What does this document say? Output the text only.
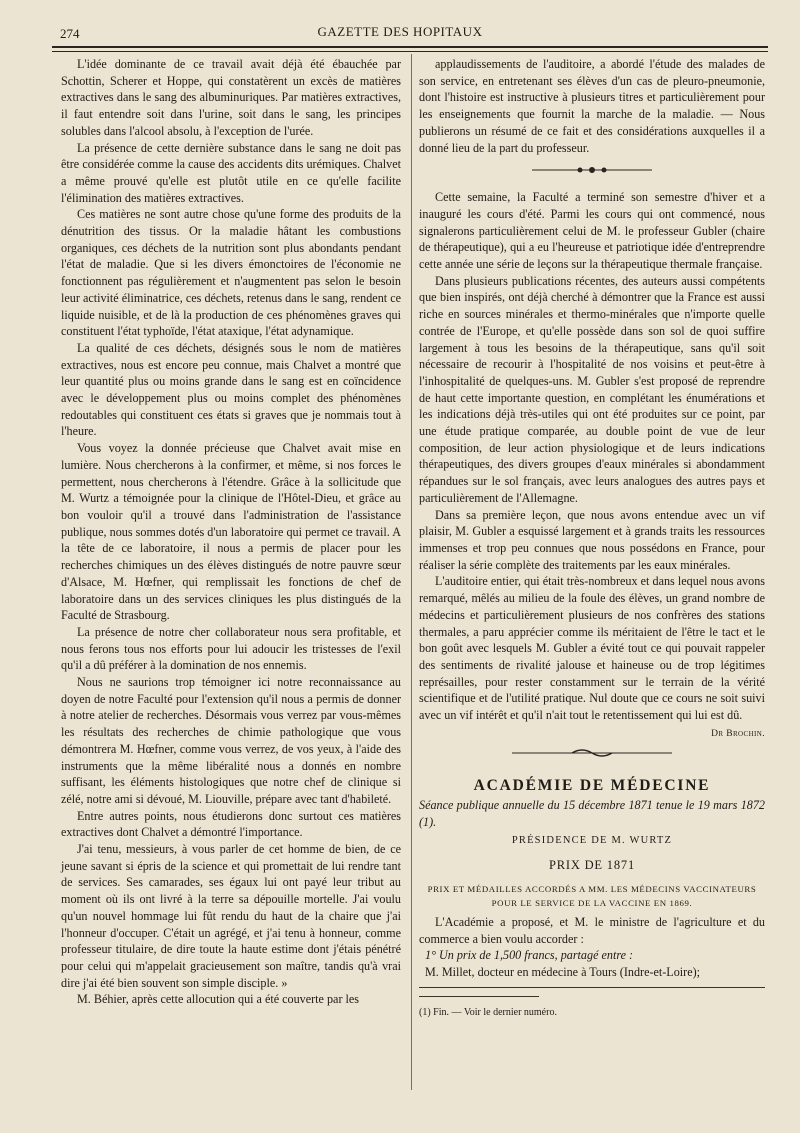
274	GAZETTE DES HOPITAUX

L'idée dominante de ce travail avait déjà été ébauchée par Schottin, Scherer et Hoppe, qui constatèrent un excès de matières extractives dans le sang des albuminuriques. Par matières extractives, il faut entendre soit dans l'urine, soit dans le sang, les principes solubles dans l'alcool absolu, à l'exception de l'urée.

La présence de cette dernière substance dans le sang ne doit pas être considérée comme la cause des accidents dits urémiques. Chalvet a même prouvé qu'elle est plutôt utile en ce qu'elle facilite l'élimination des matières extractives.

Ces matières ne sont autre chose qu'une forme des produits de la dénutrition des tissus. Or la maladie hâtant les combustions organiques, ces déchets de la nutrition sont plus abondants pendant l'état de maladie. Que si les divers émonctoires de l'économie ne fonctionnent pas régulièrement et n'augmentent pas selon le besoin leur activité éliminatrice, ces déchets, retenus dans le sang, rendent ce liquide nuisible, et de là la production de ces phénomènes graves qui constituent l'état typhoïde, l'état ataxique, l'état adynamique.

La qualité de ces déchets, désignés sous le nom de matières extractives, nous est encore peu connue, mais Chalvet a montré que leur quantité plus ou moins grande dans le sang est en coïncidence avec le développement plus ou moins complet des phénomènes redoutables qui constituent ces états si graves que je nommais tout à l'heure.

Vous voyez la donnée précieuse que Chalvet avait mise en lumière. Nous chercherons à la confirmer, et même, si nos forces le permettent, nous chercherons à l'étendre. Grâce à la sollicitude que M. Wurtz a témoignée pour la clinique de l'Hôtel-Dieu, et grâce au bon vouloir qu'il a trouvé dans l'administration de l'assistance publique, nous sommes dotés d'un laboratoire qui permet ce travail. A la tête de ce laboratoire, il nous a permis de placer pour les recherches chimiques un des élèves distingués de notre pauvre sœur d'Alsace, M. Hœfner, qui remplissait les fonctions de chef de laboratoire dans un des services cliniques les plus distingués de la Faculté de Strasbourg.

La présence de notre cher collaborateur nous sera profitable, et nous ferons tous nos efforts pour lui adoucir les tristesses de l'exil qu'il a dû préférer à la domination de nos ennemis.

Nous ne saurions trop témoigner ici notre reconnaissance au doyen de notre Faculté pour l'extension qu'il nous a permis de donner à notre atelier de recherches. Désormais vous verrez par vous-mêmes les résultats des recherches de chimie pathologique que vous démontrera M. Hœfner, comme vous verrez, de vos yeux, à l'aide des instruments que la même libéralité nous a donnés en nombre suffisant, les éléments histologiques que notre chef de clinique si zélé, notre ami si dévoué, M. Liouville, prépare avec tant d'habileté.

Entre autres points, nous étudierons donc surtout ces matières extractives dont Chalvet a démontré l'importance.

J'ai tenu, messieurs, à vous parler de cet homme de bien, de ce jeune savant si épris de la science et qui promettait de lui rendre tant de services. Ses camarades, ses égaux lui ont payé leur tribut au moment où ils ont livré à la terre sa dépouille mortelle. J'ai voulu qu'un nouvel hommage lui fût rendu du haut de la chaire que j'ai l'honneur d'occuper. C'était un agrégé, et j'ai tenu à honneur, comme professeur titulaire, de dire toute la haute estime dont j'étais pénétré pour celui qui m'appelait gracieusement son maître, tandis qu'à vrai dire j'ai été bien souvent son simple disciple. »

M. Béhier, après cette allocution qui a été couverte par les

applaudissements de l'auditoire, a abordé l'étude des malades de son service, en entretenant ses élèves d'un cas de pleuro-pneumonie, dont l'histoire est instructive à plusieurs titres et particulièrement pour les enseignements que fournit la marche de la maladie. — Nous publierons un résumé de ce fait et des considérations auxquelles il a donné lieu de la part du professeur.

Cette semaine, la Faculté a terminé son semestre d'hiver et a inauguré les cours d'été. Parmi les cours qui ont commencé, nous signalerons particulièrement celui de M. le professeur Gubler (chaire de thérapeutique), qui a eu l'heureuse et patriotique idée d'entreprendre cette année une série de leçons sur la thérapeutique thermale française.

Dans plusieurs publications récentes, des auteurs aussi compétents que bien inspirés, ont déjà cherché à démontrer que la France est aussi riche en sources minérales et thermo-minérales que n'importe quelle contrée de l'Europe, et qu'elle possède dans son sol de quoi suffire largement à tous les besoins de la thérapeutique, sans qu'il soit nécessaire de recourir à l'hospitalité de nos voisins et peut-être à l'inhospitalité de quelques-uns. M. Gubler s'est proposé de reprendre de haut cette importante question, en complétant les énumérations et les indications déjà très-utiles qui ont été produites sur ce point, par une étude pratique comparée, au double point de vue de leur composition, de leur action physiologique et de leurs indications thérapeutiques, des divers groupes d'eaux minérales si abondamment répandues sur le sol français, avec leurs analogues des autres pays et particulièrement de l'Allemagne.

Dans sa première leçon, que nous avons entendue avec un vif plaisir, M. Gubler a esquissé largement et à grands traits les ressources immenses et trop peu connues que nous possédons en France, pour réaliser la série complète des traitements par les eaux minérales.

L'auditoire entier, qui était très-nombreux et dans lequel nous avons remarqué, mêlés au milieu de la foule des élèves, un grand nombre de médecins et particulièrement plusieurs de nos confrères des stations thermales, a paru apprécier comme ils méritaient de l'être le tact et le bon goût avec lesquels M. Gubler a évité tout ce qui pouvait rappeler des sentiments de rivalité jalouse et haineuse ou de trop légitimes représailles, pour rester constamment sur le terrain de la vérité scientifique et de l'utilité pratique. Nul doute que ce cours ne soit suivi avec un vif intérêt et qu'il n'ait tout le retentissement qui lui est dû.

Dr Brochin.
ACADÉMIE DE MÉDECINE

Séance publique annuelle du 15 décembre 1871 tenue le 19 mars 1872 (1).

PRÉSIDENCE DE M. WURTZ
PRIX DE 1871
PRIX ET MÉDAILLES ACCORDÉS A MM. LES MÉDECINS VACCINATEURS POUR LE SERVICE DE LA VACCINE EN 1869.

L'Académie a proposé, et M. le ministre de l'agriculture et du commerce a bien voulu accorder :

1° Un prix de 1,500 francs, partagé entre :

M. Millet, docteur en médecine à Tours (Indre-et-Loire);

(1) Fin. — Voir le dernier numéro.
